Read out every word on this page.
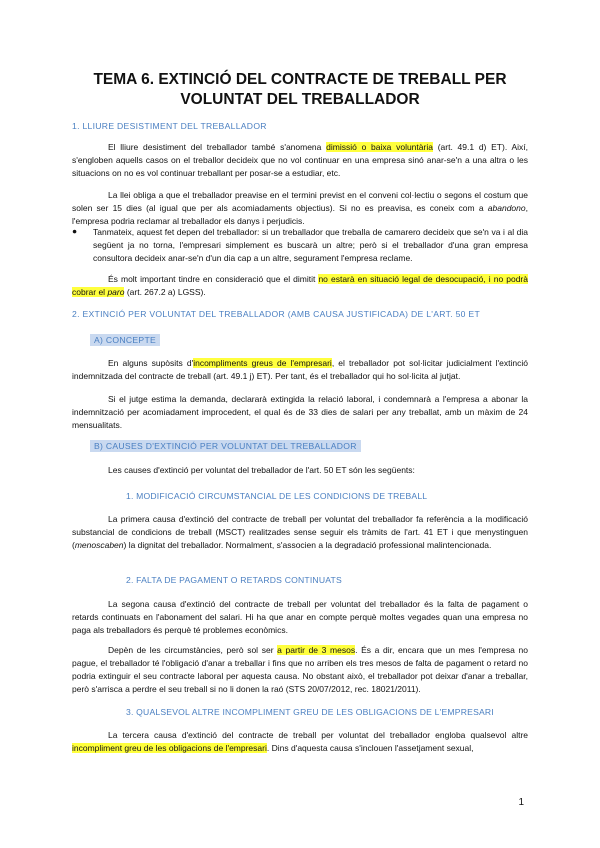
TEMA 6. EXTINCIÓ DEL CONTRACTE DE TREBALL PER
VOLUNTAT DEL TREBALLADOR
1. LLIURE DESISTIMENT DEL TREBALLADOR
El lliure desistiment del treballador també s'anomena dimissió o baixa voluntària (art. 49.1 d) ET). Així, s'engloben aquells casos on el treballor decideix que no vol continuar en una empresa sinó anar-se'n a una altra o les situacions on no es vol continuar treballant per posar-se a estudiar, etc.
La llei obliga a que el treballador preavise en el termini previst en el conveni col·lectiu o segons el costum que solen ser 15 dies (al igual que per als acomiadaments objectius). Si no es preavisa, es coneix com a abandono, l'empresa podria reclamar al treballador els danys i perjudicis.
● Tanmateix, aquest fet depen del treballador: si un treballador que treballa de camarero decideix que se'n va i al dia següent ja no torna, l'empresari simplement es buscarà un altre; però si el treballador d'una gran empresa consultora decideix anar-se'n d'un dia cap a un altre, segurament l'empresa reclame.
És molt important tindre en consideració que el dimitit no estarà en situació legal de desocupació, i no podrà cobrar el paro (art. 267.2 a) LGSS).
2. EXTINCIÓ PER VOLUNTAT DEL TREBALLADOR (AMB CAUSA JUSTIFICADA) DE L'ART. 50 ET
A) CONCEPTE
En alguns supòsits d'incompliments greus de l'empresari, el treballador pot sol·licitar judicialment l'extinció indemnitzada del contracte de treball (art. 49.1 j) ET). Per tant, és el treballador qui ho sol·licita al jutjat.
Si el jutge estima la demanda, declararà extingida la relació laboral, i condemnarà a l'empresa a abonar la indemnització per acomiadament improcedent, el qual és de 33 dies de salari per any treballat, amb un màxim de 24 mensualitats.
B) CAUSES D'EXTINCIÓ PER VOLUNTAT DEL TREBALLADOR
Les causes d'extinció per voluntat del treballador de l'art. 50 ET són les següents:
1. MODIFICACIÓ CIRCUMSTANCIAL DE LES CONDICIONS DE TREBALL
La primera causa d'extinció del contracte de treball per voluntat del treballador fa referència a la modificació substancial de condicions de treball (MSCT) realitzades sense seguir els tràmits de l'art. 41 ET i que menystinguen (menoscaben) la dignitat del treballador. Normalment, s'associen a la degradació professional malintencionada.
2. FALTA DE PAGAMENT O RETARDS CONTINUATS
La segona causa d'extinció del contracte de treball per voluntat del treballador és la falta de pagament o retards continuats en l'abonament del salari. Hi ha que anar en compte perquè moltes vegades quan una empresa no paga als treballadors és perquè té problemes econòmics.
Depèn de les circumstàncies, però sol ser a partir de 3 mesos. És a dir, encara que un mes l'empresa no pague, el treballador té l'obligació d'anar a treballar i fins que no arriben els tres mesos de falta de pagament o retard no podria extinguir el seu contracte laboral per aquesta causa. No obstant això, el treballador pot deixar d'anar a treballar, però s'arrisca a perdre el seu treball si no li donen la raó (STS 20/07/2012, rec. 18021/2011).
3. QUALSEVOL ALTRE INCOMPLIMENT GREU DE LES OBLIGACIONS DE L'EMPRESARI
La tercera causa d'extinció del contracte de treball per voluntat del treballador engloba qualsevol altre incompliment greu de les obligacions de l'empresari. Dins d'aquesta causa s'inclouen l'assetjament sexual,
1
